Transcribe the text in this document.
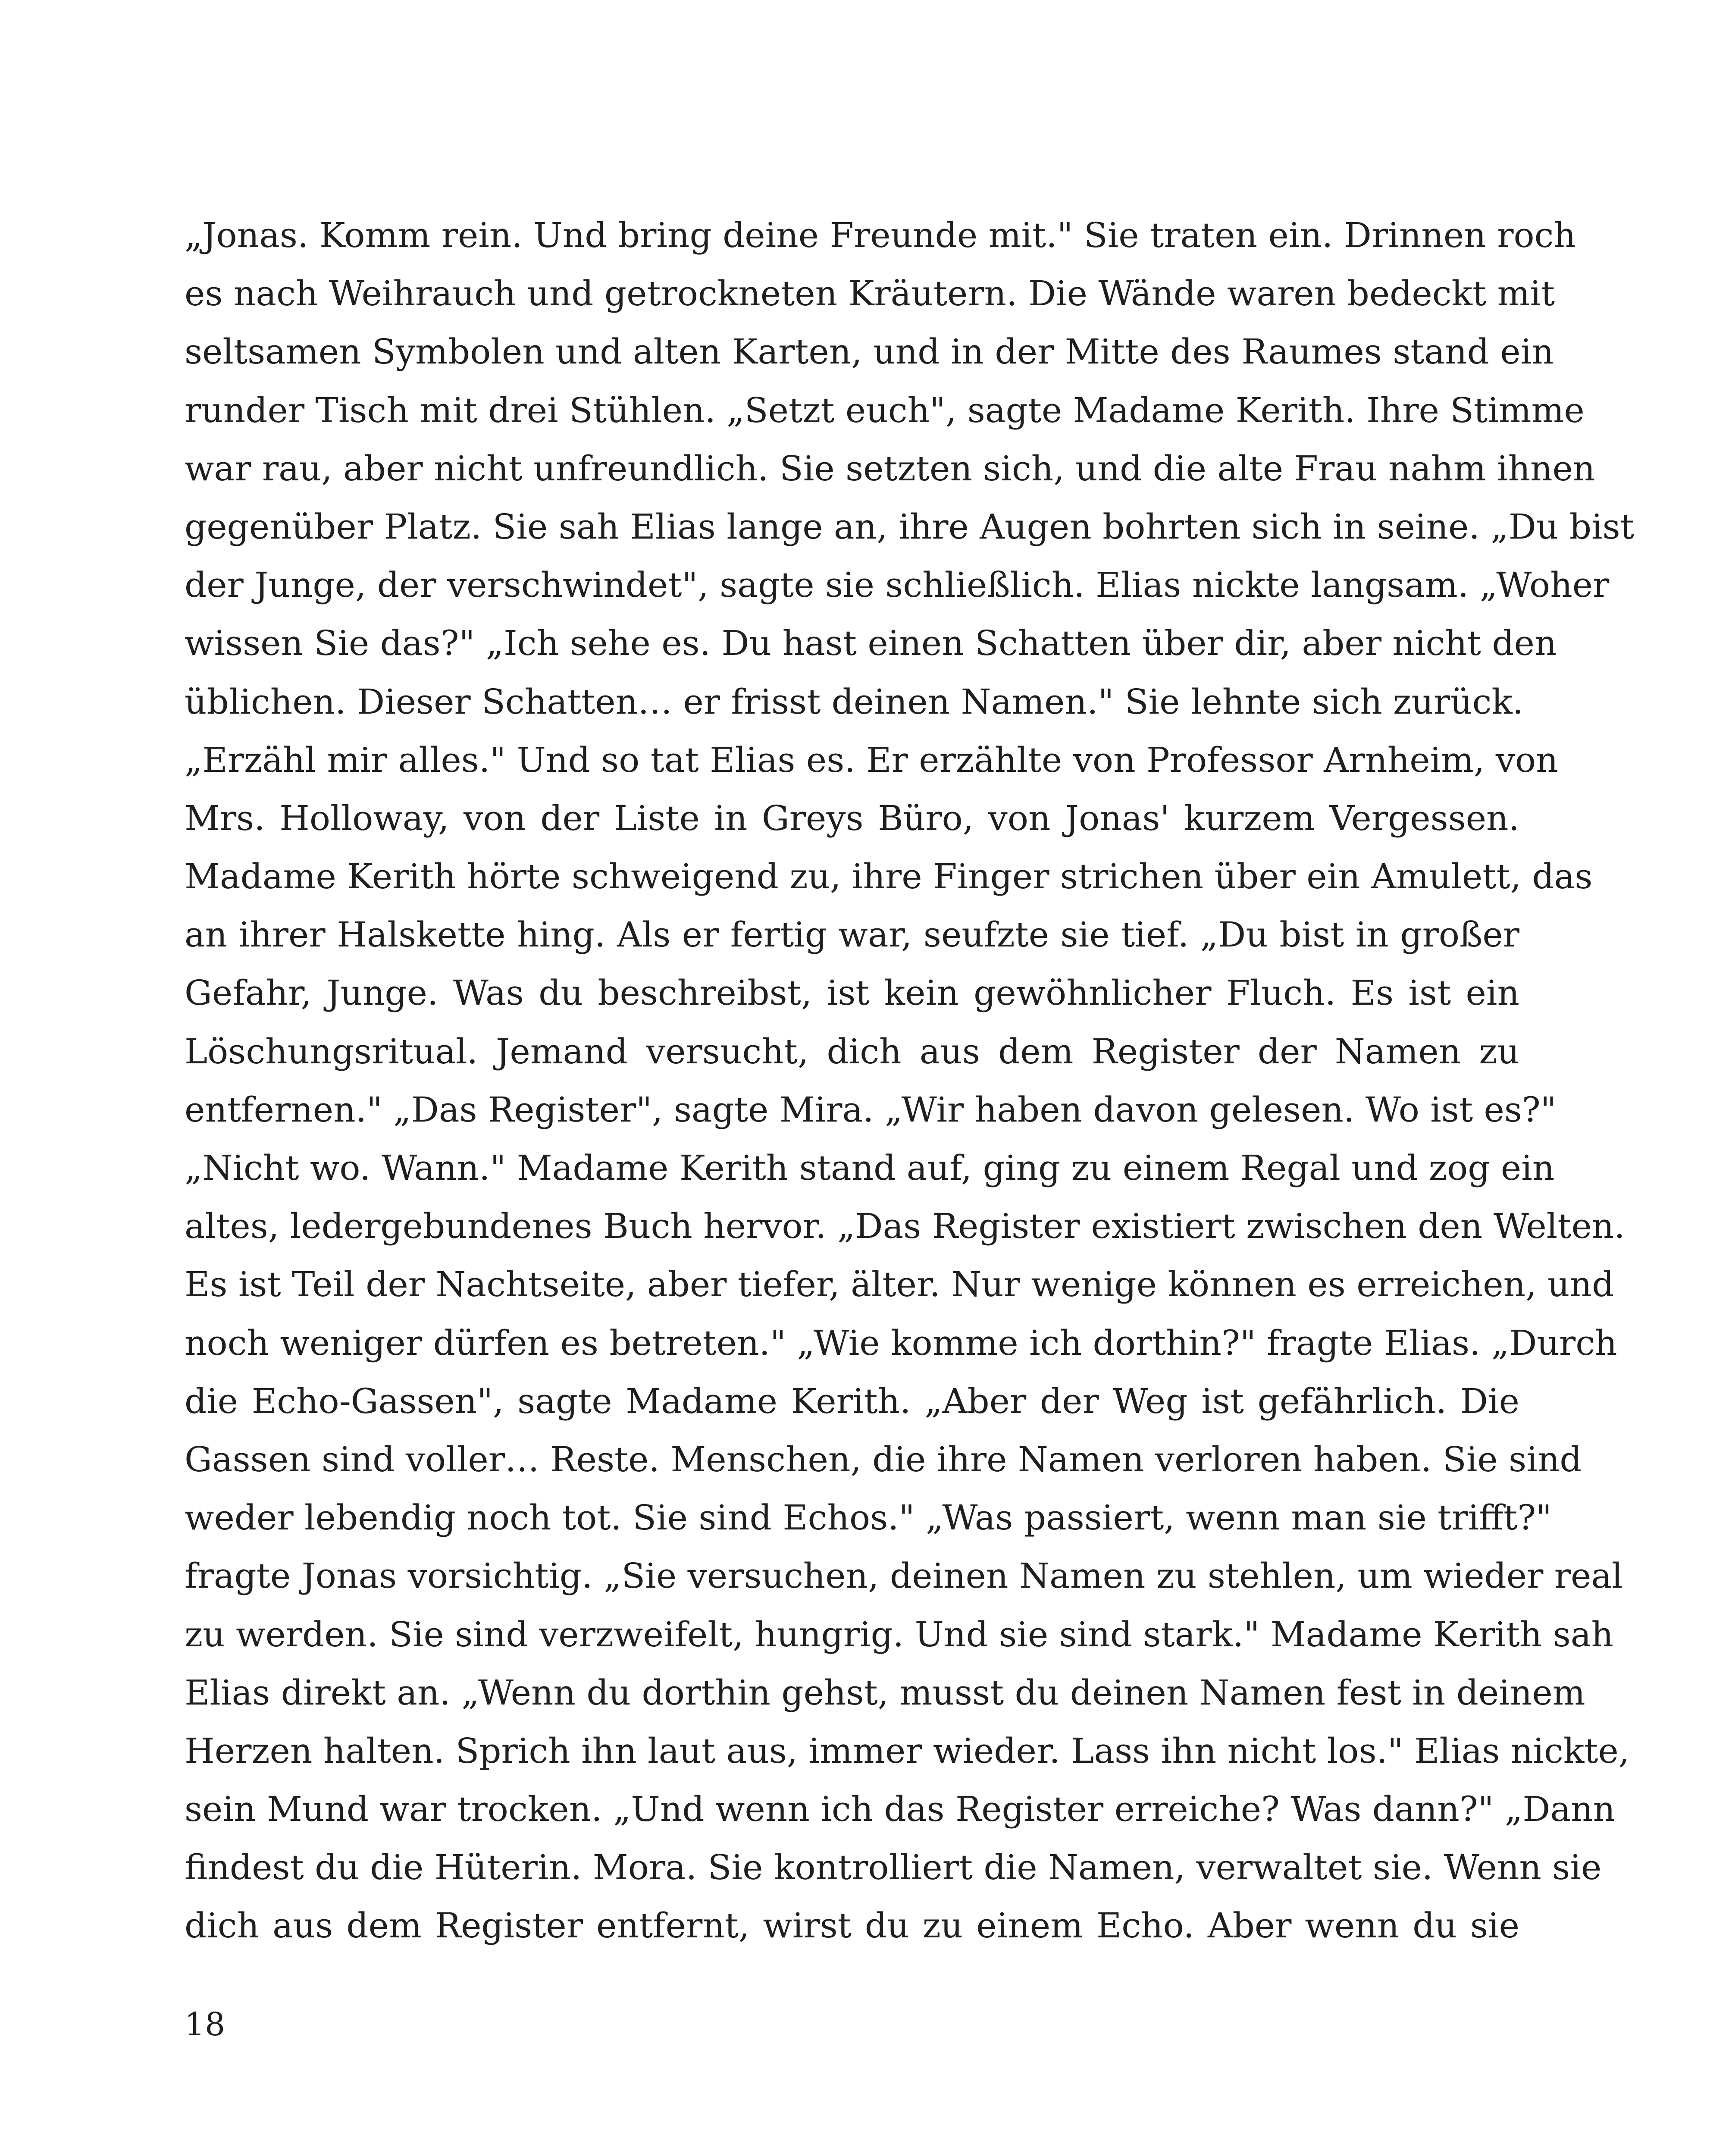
„Jonas. Komm rein. Und bring deine Freunde mit." Sie traten ein. Drinnen roch
es nach Weihrauch und getrockneten Kräutern. Die Wände waren bedeckt mit
seltsamen Symbolen und alten Karten, und in der Mitte des Raumes stand ein
runder Tisch mit drei Stühlen. „Setzt euch", sagte Madame Kerith. Ihre Stimme
war rau, aber nicht unfreundlich. Sie setzten sich, und die alte Frau nahm ihnen
gegenüber Platz. Sie sah Elias lange an, ihre Augen bohrten sich in seine. „Du bist
der Junge, der verschwindet", sagte sie schließlich. Elias nickte langsam. „Woher
wissen Sie das?" „Ich sehe es. Du hast einen Schatten über dir, aber nicht den
üblichen. Dieser Schatten… er frisst deinen Namen." Sie lehnte sich zurück.
„Erzähl mir alles." Und so tat Elias es. Er erzählte von Professor Arnheim, von
Mrs. Holloway, von der Liste in Greys Büro, von Jonas' kurzem Vergessen.
Madame Kerith hörte schweigend zu, ihre Finger strichen über ein Amulett, das
an ihrer Halskette hing. Als er fertig war, seufzte sie tief. „Du bist in großer
Gefahr, Junge. Was du beschreibst, ist kein gewöhnlicher Fluch. Es ist ein
Löschungsritual. Jemand versucht, dich aus dem Register der Namen zu
entfernen." „Das Register", sagte Mira. „Wir haben davon gelesen. Wo ist es?"
„Nicht wo. Wann." Madame Kerith stand auf, ging zu einem Regal und zog ein
altes, ledergebundenes Buch hervor. „Das Register existiert zwischen den Welten.
Es ist Teil der Nachtseite, aber tiefer, älter. Nur wenige können es erreichen, und
noch weniger dürfen es betreten." „Wie komme ich dorthin?" fragte Elias. „Durch
die Echo-Gassen", sagte Madame Kerith. „Aber der Weg ist gefährlich. Die
Gassen sind voller… Reste. Menschen, die ihre Namen verloren haben. Sie sind
weder lebendig noch tot. Sie sind Echos." „Was passiert, wenn man sie trifft?"
fragte Jonas vorsichtig. „Sie versuchen, deinen Namen zu stehlen, um wieder real
zu werden. Sie sind verzweifelt, hungrig. Und sie sind stark." Madame Kerith sah
Elias direkt an. „Wenn du dorthin gehst, musst du deinen Namen fest in deinem
Herzen halten. Sprich ihn laut aus, immer wieder. Lass ihn nicht los." Elias nickte,
sein Mund war trocken. „Und wenn ich das Register erreiche? Was dann?" „Dann
findest du die Hüterin. Mora. Sie kontrolliert die Namen, verwaltet sie. Wenn sie
dich aus dem Register entfernt, wirst du zu einem Echo. Aber wenn du sie
18
